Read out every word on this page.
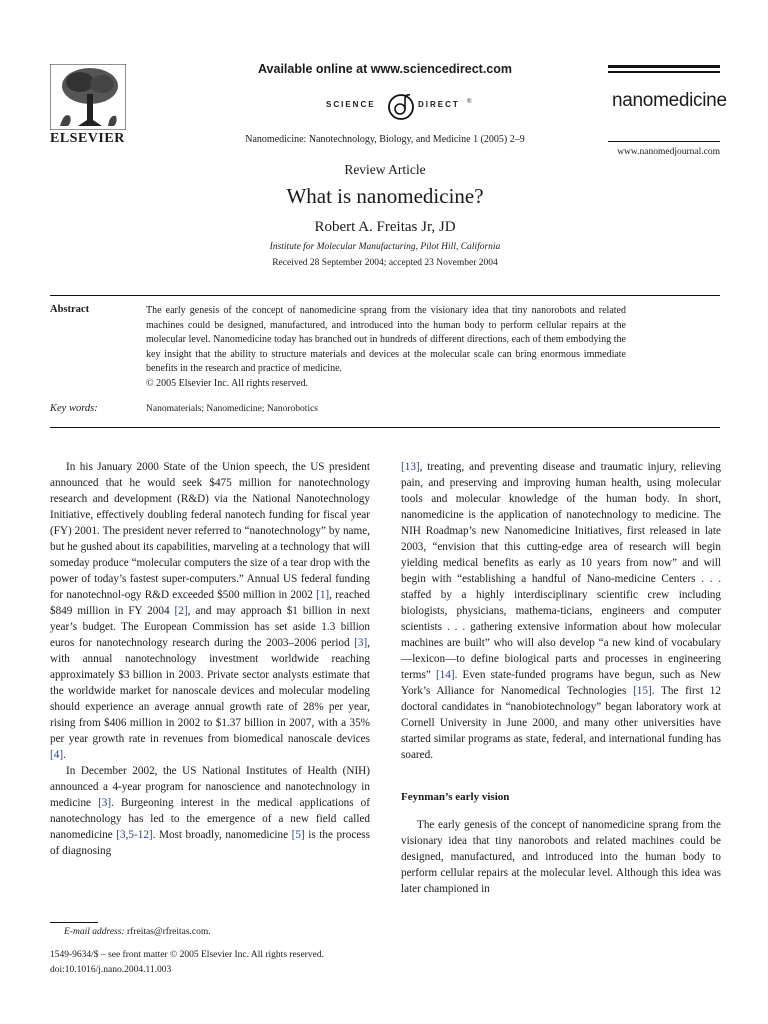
ELSEVIER
Available online at www.sciencedirect.com
SCIENCE	DIRECT ®
Nanomedicine: Nanotechnology, Biology, and Medicine 1 (2005) 2–9
nanomedicine
www.nanomedjournal.com
Review Article
What is nanomedicine?
Robert A. Freitas Jr, JD
Institute for Molecular Manufacturing, Pilot Hill, California
Received 28 September 2004; accepted 23 November 2004
Abstract	The early genesis of the concept of nanomedicine sprang from the visionary idea that tiny nanorobots and related machines could be designed, manufactured, and introduced into the human body to perform cellular repairs at the molecular level. Nanomedicine today has branched out in hundreds of different directions, each of them embodying the key insight that the ability to structure materials and devices at the molecular scale can bring enormous immediate benefits in the research and practice of medicine.
© 2005 Elsevier Inc. All rights reserved.
Key words:	Nanomaterials; Nanomedicine; Nanorobotics

In his January 2000 State of the Union speech, the US president announced that he would seek $475 million for nanotechnology research and development (R&D) via the National Nanotechnology Initiative, effectively doubling federal nanotech funding for fiscal year (FY) 2001. The president never referred to “nanotechnology” by name, but he gushed about its capabilities, marveling at a technology that will someday produce “molecular computers the size of a tear drop with the power of today’s fastest super-computers.” Annual US federal funding for nanotechnol-ogy R&D exceeded $500 million in 2002 [1], reached $849 million in FY 2004 [2], and may approach $1 billion in next year’s budget. The European Commission has set aside 1.3 billion euros for nanotechnology research during the 2003–2006 period [3], with annual nanotechnology investment worldwide reaching approximately $3 billion in 2003. Private sector analysts estimate that the worldwide market for nanoscale devices and molecular modeling should experience an average annual growth rate of 28% per year, rising from $406 million in 2002 to $1.37 billion in 2007, with a 35% per year growth rate in revenues from biomedical nanoscale devices [4].

In December 2002, the US National Institutes of Health (NIH) announced a 4-year program for nanoscience and nanotechnology in medicine [3]. Burgeoning interest in the medical applications of nanotechnology has led to the emergence of a new field called nanomedicine [3,5-12]. Most broadly, nanomedicine [5] is the process of diagnosing

[13], treating, and preventing disease and traumatic injury, relieving pain, and preserving and improving human health, using molecular tools and molecular knowledge of the human body. In short, nanomedicine is the application of nanotechnology to medicine. The NIH Roadmap’s new Nanomedicine Initiatives, first released in late 2003, “envision that this cutting-edge area of research will begin yielding medical benefits as early as 10 years from now” and will begin with “establishing a handful of Nano-medicine Centers . . . staffed by a highly interdisciplinary scientific crew including biologists, physicians, mathema-ticians, engineers and computer scientists . . . gathering extensive information about how molecular machines are built” who will also develop “a new kind of vocabulary—lexicon—to define biological parts and processes in engineering terms” [14]. Even state-funded programs have begun, such as New York’s Alliance for Nanomedical Technologies [15]. The first 12 doctoral candidates in “nanobiotechnology” began laboratory work at Cornell University in June 2000, and many other universities have started similar programs as state, federal, and international funding has soared.

Feynman’s early vision

The early genesis of the concept of nanomedicine sprang from the visionary idea that tiny nanorobots and related machines could be designed, manufactured, and introduced into the human body to perform cellular repairs at the molecular level. Although this idea was later championed in

E-mail address: rfreitas@rfreitas.com.
1549-9634/$ – see front matter © 2005 Elsevier Inc. All rights reserved.
doi:10.1016/j.nano.2004.11.003
